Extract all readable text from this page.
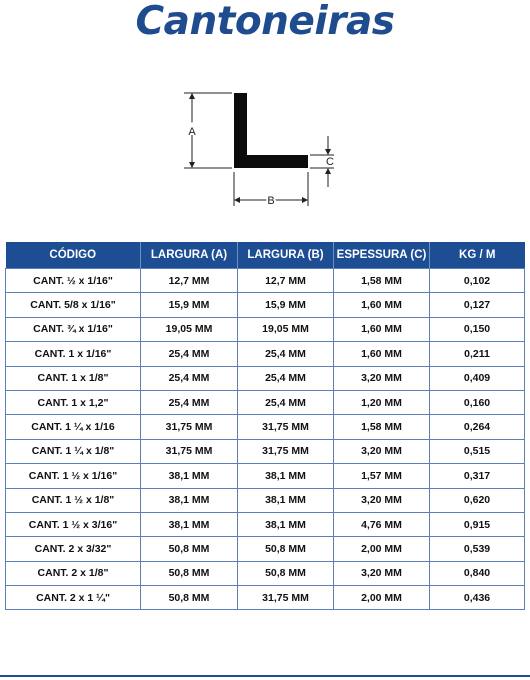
Cantoneiras
A
B
C
CÓDIGO	LARGURA (A)	LARGURA (B)	ESPESSURA (C)	KG / M
CANT. ½ x 1/16"	12,7 MM	12,7 MM	1,58 MM	0,102
CANT. 5/8 x 1/16"	15,9 MM	15,9 MM	1,60 MM	0,127
CANT. ¾ x 1/16"	19,05 MM	19,05 MM	1,60 MM	0,150
CANT. 1 x 1/16"	25,4 MM	25,4 MM	1,60 MM	0,211
CANT. 1 x 1/8"	25,4 MM	25,4 MM	3,20 MM	0,409
CANT. 1 x 1,2"	25,4 MM	25,4 MM	1,20 MM	0,160
CANT. 1 ¼ x 1/16	31,75 MM	31,75 MM	1,58 MM	0,264
CANT. 1 ¼ x 1/8"	31,75 MM	31,75 MM	3,20 MM	0,515
CANT. 1 ½ x 1/16"	38,1 MM	38,1 MM	1,57 MM	0,317
CANT. 1 ½ x 1/8"	38,1 MM	38,1 MM	3,20 MM	0,620
CANT. 1 ½ x 3/16"	38,1 MM	38,1 MM	4,76 MM	0,915
CANT. 2 x 3/32"	50,8 MM	50,8 MM	2,00 MM	0,539
CANT. 2 x 1/8"	50,8 MM	50,8 MM	3,20 MM	0,840
CANT. 2 x 1 ¼"	50,8 MM	31,75 MM	2,00 MM	0,436
